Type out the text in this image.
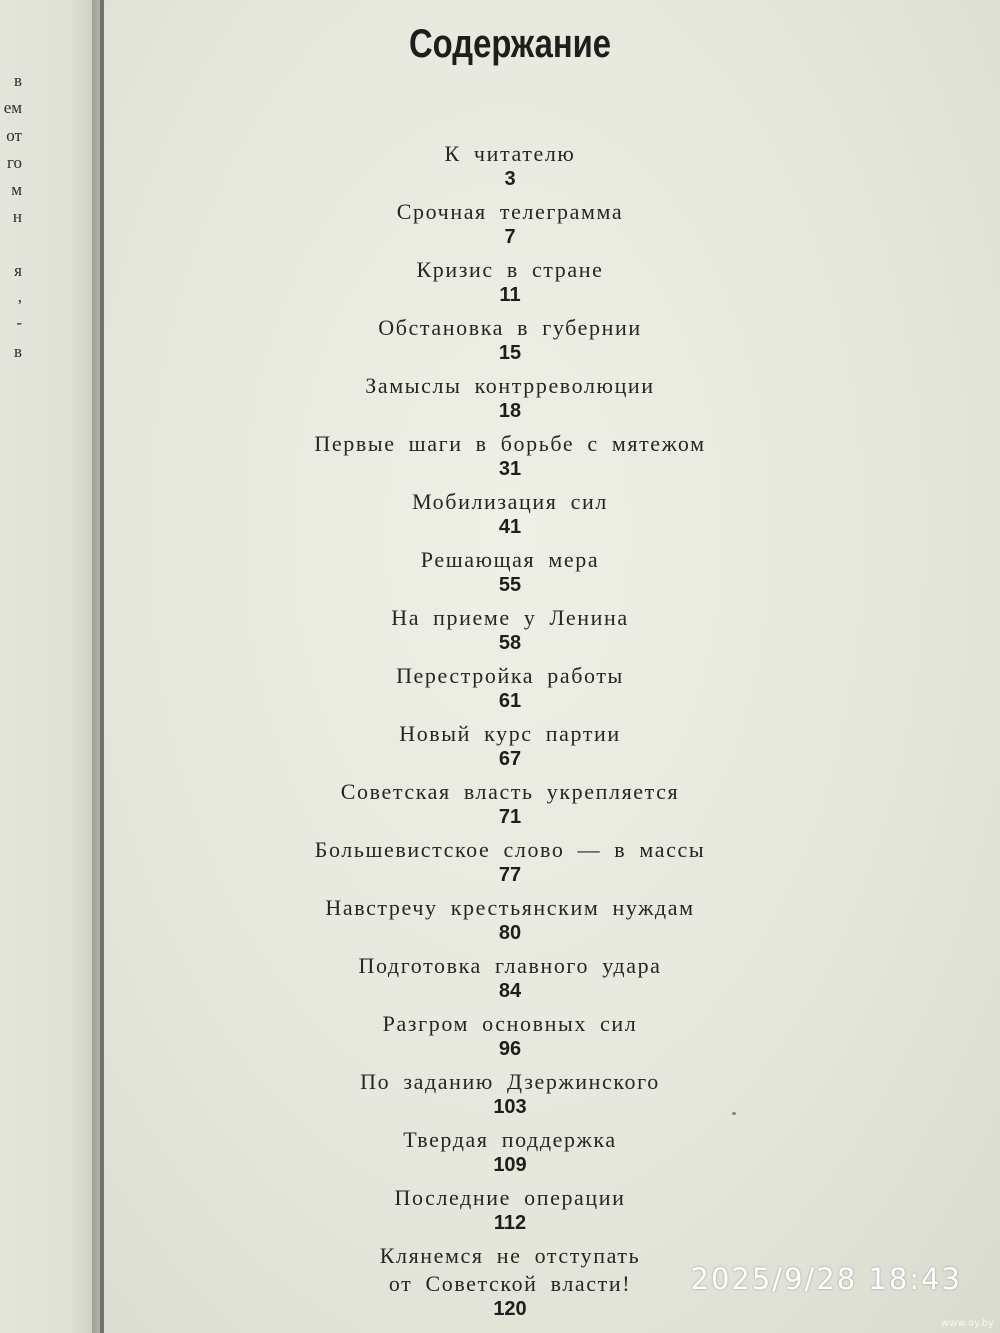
в
ем
от
го
м
н
я
,
-
в
Содержание
К читателю
3
Срочная телеграмма
7
Кризис в стране
11
Обстановка в губернии
15
Замыслы контрреволюции
18
Первые шаги в борьбе с мятежом
31
Мобилизация сил
41
Решающая мера
55
На приеме у Ленина
58
Перестройка работы
61
Новый курс партии
67
Советская власть укрепляется
71
Большевистское слово — в массы
77
Навстречу крестьянским нуждам
80
Подготовка главного удара
84
Разгром основных сил
96
По заданию Дзержинского
103
Твердая поддержка
109
Последние операции
112
Клянемся не отступать
от Советской власти!
120
2025/9/28 18:43
www.ay.by
